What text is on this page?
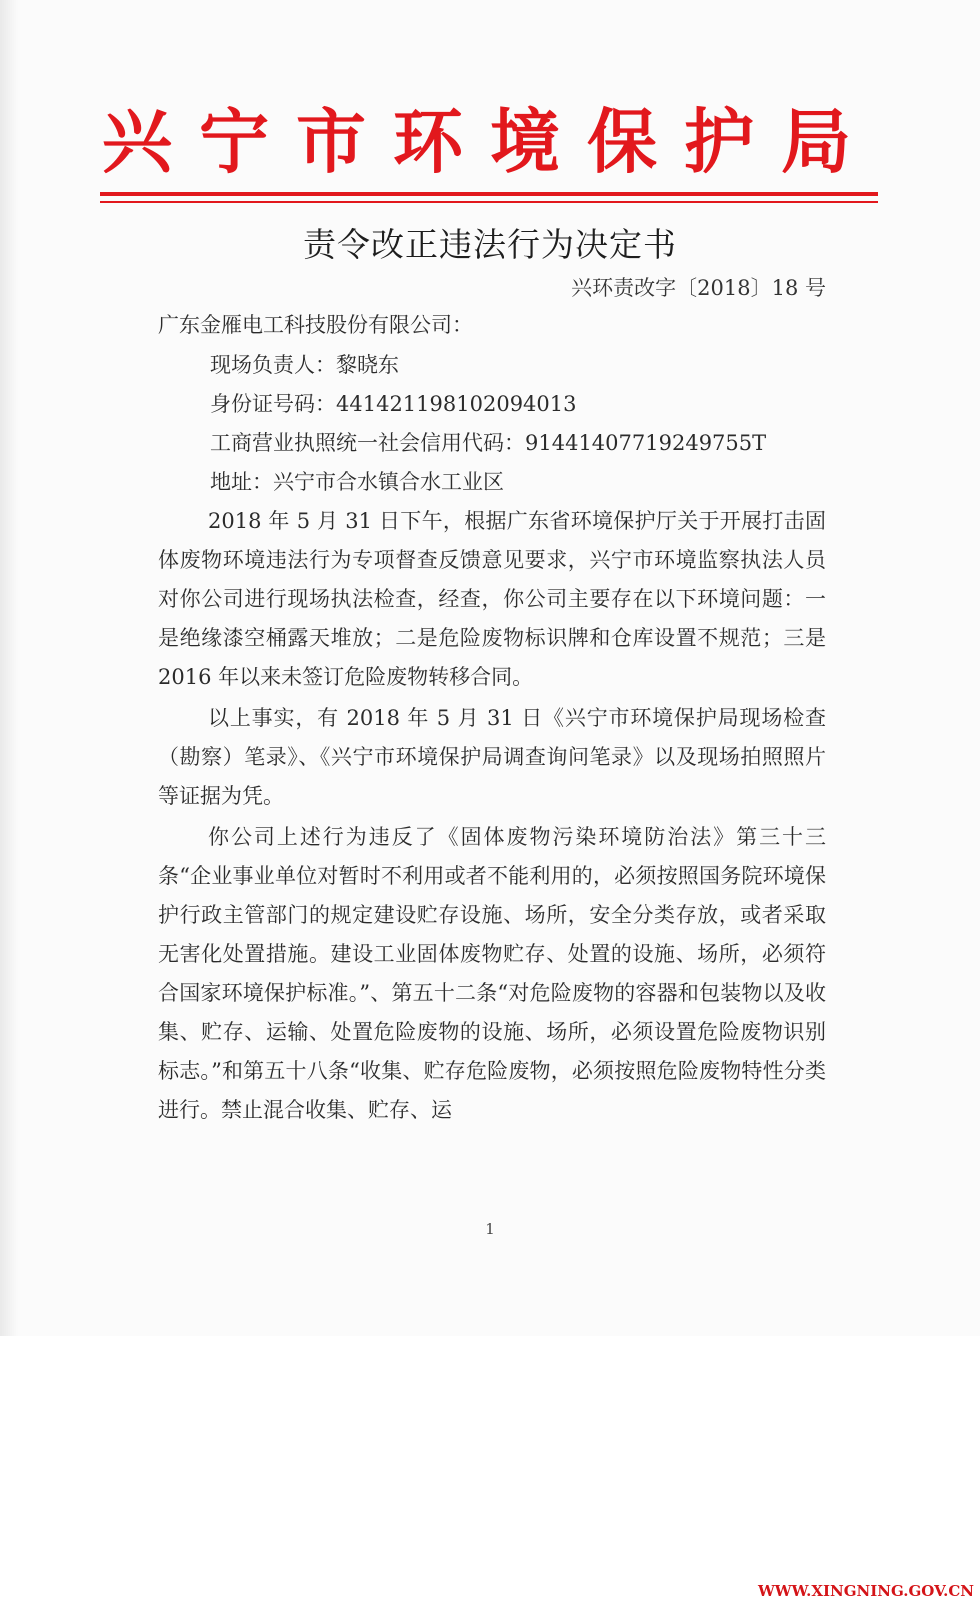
兴宁市环境保护局
责令改正违法行为决定书
兴环责改字〔2018〕18 号
广东金雁电工科技股份有限公司：
现场负责人：黎晓东
身份证号码：441421198102094013
工商营业执照统一社会信用代码：91441407719249755T
地址：兴宁市合水镇合水工业区

2018 年 5 月 31 日下午，根据广东省环境保护厅关于开展打击固体废物环境违法行为专项督查反馈意见要求，兴宁市环境监察执法人员对你公司进行现场执法检查，经查，你公司主要存在以下环境问题：一是绝缘漆空桶露天堆放；二是危险废物标识牌和仓库设置不规范；三是 2016 年以来未签订危险废物转移合同。

以上事实，有 2018 年 5 月 31 日《兴宁市环境保护局现场检查（勘察）笔录》、《兴宁市环境保护局调查询问笔录》以及现场拍照照片等证据为凭。

你公司上述行为违反了《固体废物污染环境防治法》第三十三条“企业事业单位对暂时不利用或者不能利用的，必须按照国务院环境保护行政主管部门的规定建设贮存设施、场所，安全分类存放，或者采取无害化处置措施。建设工业固体废物贮存、处置的设施、场所，必须符合国家环境保护标准。”、第五十二条“对危险废物的容器和包装物以及收集、贮存、运输、处置危险废物的设施、场所，必须设置危险废物识别标志。”和第五十八条“收集、贮存危险废物，必须按照危险废物特性分类进行。禁止混合收集、贮存、运

1
WWW.XINGNING.GOV.CN
